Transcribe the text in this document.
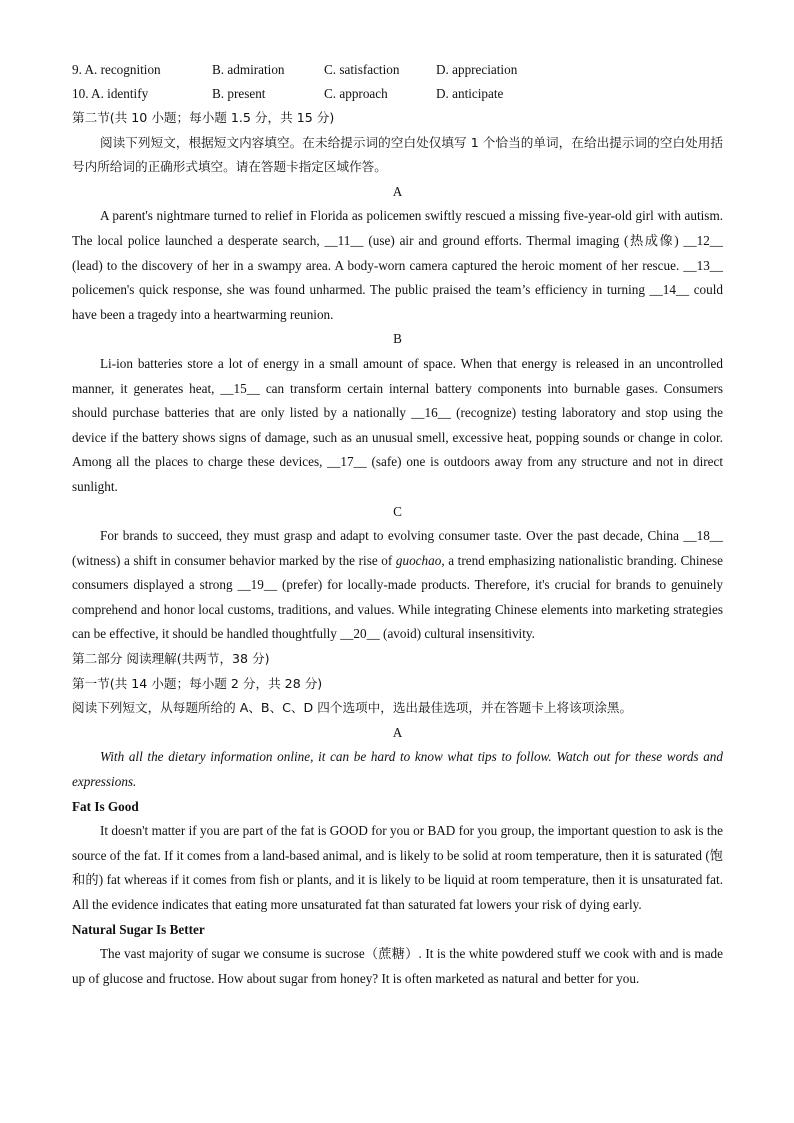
9. A. recognition	B. admiration	C. satisfaction	D. appreciation
10. A. identify	B. present	C. approach	D. anticipate
第二节(共 10 小题；每小题 1.5 分，共 15 分)

阅读下列短文，根据短文内容填空。在未给提示词的空白处仅填写 1 个恰当的单词，在给出提示词的空白处用括号内所给词的正确形式填空。请在答题卡指定区域作答。

A

A parent's nightmare turned to relief in Florida as policemen swiftly rescued a missing five-year-old girl with autism. The local police launched a desperate search, __11__ (use) air and ground efforts. Thermal imaging (热成像) __12__ (lead) to the discovery of her in a swampy area. A body-worn camera captured the heroic moment of her rescue. __13__ policemen's quick response, she was found unharmed. The public praised the team’s efficiency in turning __14__ could have been a tragedy into a heartwarming reunion.

B

Li-ion batteries store a lot of energy in a small amount of space. When that energy is released in an uncontrolled manner, it generates heat, __15__ can transform certain internal battery components into burnable gases. Consumers should purchase batteries that are only listed by a nationally __16__ (recognize) testing laboratory and stop using the device if the battery shows signs of damage, such as an unusual smell, excessive heat, popping sounds or change in color. Among all the places to charge these devices, __17__ (safe) one is outdoors away from any structure and not in direct sunlight.

C

For brands to succeed, they must grasp and adapt to evolving consumer taste. Over the past decade, China __18__ (witness) a shift in consumer behavior marked by the rise of guochao, a trend emphasizing nationalistic branding. Chinese consumers displayed a strong __19__ (prefer) for locally-made products. Therefore, it's crucial for brands to genuinely comprehend and honor local customs, traditions, and values. While integrating Chinese elements into marketing strategies can be effective, it should be handled thoughtfully __20__ (avoid) cultural insensitivity.

第二部分 阅读理解(共两节，38 分)
第一节(共 14 小题；每小题 2 分，共 28 分)
阅读下列短文，从每题所给的 A、B、C、D 四个选项中，选出最佳选项，并在答题卡上将该项涂黑。
A

With all the dietary information online, it can be hard to know what tips to follow. Watch out for these words and expressions.

Fat Is Good

It doesn't matter if you are part of the fat is GOOD for you or BAD for you group, the important question to ask is the source of the fat. If it comes from a land-based animal, and is likely to be solid at room temperature, then it is saturated (饱和的) fat whereas if it comes from fish or plants, and it is likely to be liquid at room temperature, then it is unsaturated fat. All the evidence indicates that eating more unsaturated fat than saturated fat lowers your risk of dying early.

Natural Sugar Is Better

The vast majority of sugar we consume is sucrose（蔗糖）. It is the white powdered stuff we cook with and is made up of glucose and fructose. How about sugar from honey? It is often marketed as natural and better for you.
